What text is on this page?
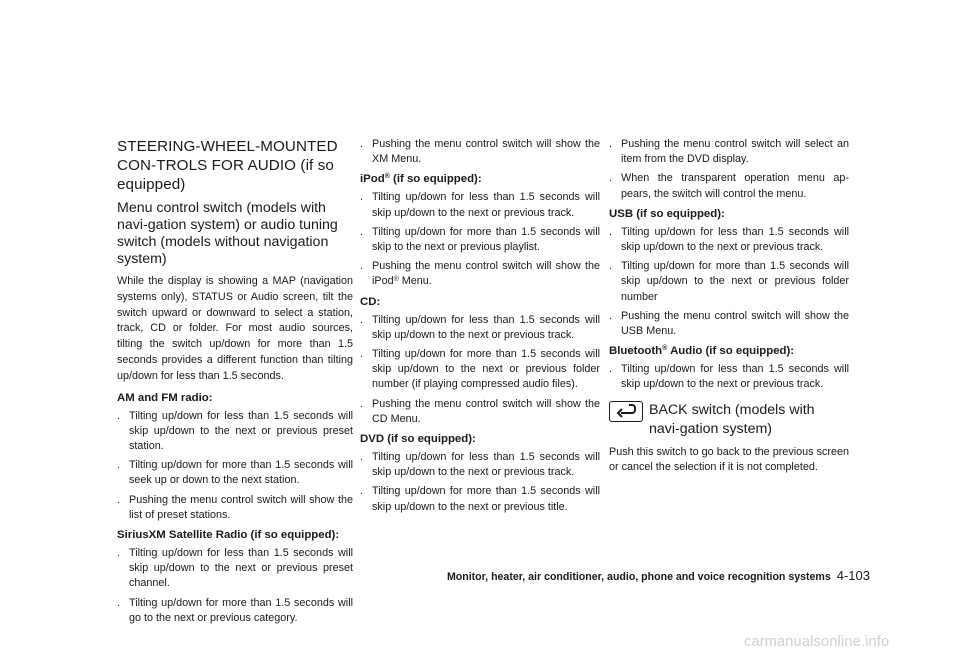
STEERING-WHEEL-MOUNTED CON-TROLS FOR AUDIO (if so equipped)
Menu control switch (models with navi-gation system) or audio tuning switch (models without navigation system)

While the display is showing a MAP (navigation systems only), STATUS or Audio screen, tilt the switch upward or downward to select a station, track, CD or folder. For most audio sources, tilting the switch up/down for more than 1.5 seconds provides a different function than tilting up/down for less than 1.5 seconds.

AM and FM radio:
. Tilting up/down for less than 1.5 seconds will skip up/down to the next or previous preset station.
. Tilting up/down for more than 1.5 seconds will seek up or down to the next station.
. Pushing the menu control switch will show the list of preset stations.
SiriusXM Satellite Radio (if so equipped):
. Tilting up/down for less than 1.5 seconds will skip up/down to the next or previous preset channel.
. Tilting up/down for more than 1.5 seconds will go to the next or previous category.
. Pushing the menu control switch will show the XM Menu.
iPod® (if so equipped):
. Tilting up/down for less than 1.5 seconds will skip up/down to the next or previous track.
. Tilting up/down for more than 1.5 seconds will skip to the next or previous playlist.
. Pushing the menu control switch will show the iPod® Menu.
CD:
. Tilting up/down for less than 1.5 seconds will skip up/down to the next or previous track.
. Tilting up/down for more than 1.5 seconds will skip up/down to the next or previous folder number (if playing compressed audio files).
. Pushing the menu control switch will show the CD Menu.
DVD (if so equipped):
. Tilting up/down for less than 1.5 seconds will skip up/down to the next or previous track.
. Tilting up/down for more than 1.5 seconds will skip up/down to the next or previous title.
. Pushing the menu control switch will select an item from the DVD display.
. When the transparent operation menu ap-pears, the switch will control the menu.
USB (if so equipped):
. Tilting up/down for less than 1.5 seconds will skip up/down to the next or previous track.
. Tilting up/down for more than 1.5 seconds will skip up/down to the next or previous folder number
. Pushing the menu control switch will show the USB Menu.
Bluetooth® Audio (if so equipped):
. Tilting up/down for less than 1.5 seconds will skip up/down to the next or previous track.
BACK switch (models with navi-gation system)

Push this switch to go back to the previous screen or cancel the selection if it is not completed.

Monitor, heater, air conditioner, audio, phone and voice recognition systems 4-103
carmanualsonline.info
